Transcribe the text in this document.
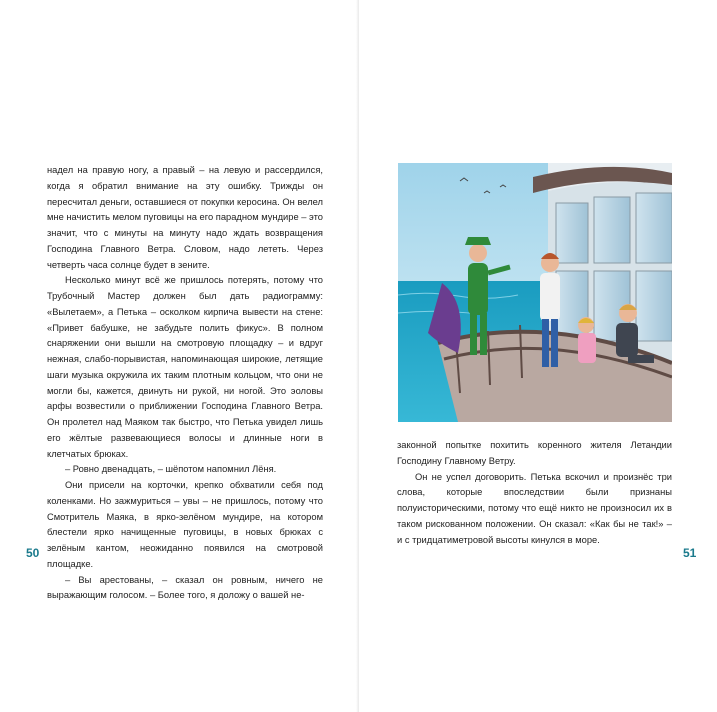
надел на правую ногу, а правый – на левую и рассердился, когда я обратил внимание на эту ошибку. Трижды он пересчитал деньги, оставшиеся от покупки керосина. Он велел мне начистить мелом пуговицы на его парадном мундире – это значит, что с минуты на минуту надо ждать возвращения Господина Главного Ветра. Словом, надо лететь. Через четверть часа солнце будет в зените.

Несколько минут всё же пришлось потерять, потому что Трубочный Мастер должен был дать радиограмму: «Вылетаем», а Петька – осколком кирпича вывести на стене: «Привет бабушке, не забудьте полить фикус». В полном снаряжении они вышли на смотровую площадку – и вдруг нежная, слабо-порывистая, напоминающая широкие, летящие шаги музыка окружила их таким плотным кольцом, что они не могли бы, кажется, двинуть ни рукой, ни ногой. Это эоловы арфы возвестили о приближении Господина Главного Ветра. Он пролетел над Маяком так быстро, что Петька увидел лишь его жёлтые развевающиеся волосы и длинные ноги в клетчатых брюках.

– Ровно двенадцать, – шёпотом напомнил Лёня.

Они присели на корточки, крепко обхватили себя под коленками. Но зажмуриться – увы – не пришлось, потому что Смотритель Маяка, в ярко-зелёном мундире, на котором блестели ярко начищенные пуговицы, в новых брюках с зелёным кантом, неожиданно появился на смотровой площадке.

– Вы арестованы, – сказал он ровным, ничего не выражающим голосом. – Более того, я доложу о вашей не-

50

законной попытке похитить коренного жителя Летандии Господину Главному Ветру.

Он не успел договорить. Петька вскочил и произнёс три слова, которые впоследствии были признаны полуисторическими, потому что ещё никто не произносил их в таком рискованном положении. Он сказал: «Как бы не так!» – и с тридцатиметровой высоты кинулся в море.

51
